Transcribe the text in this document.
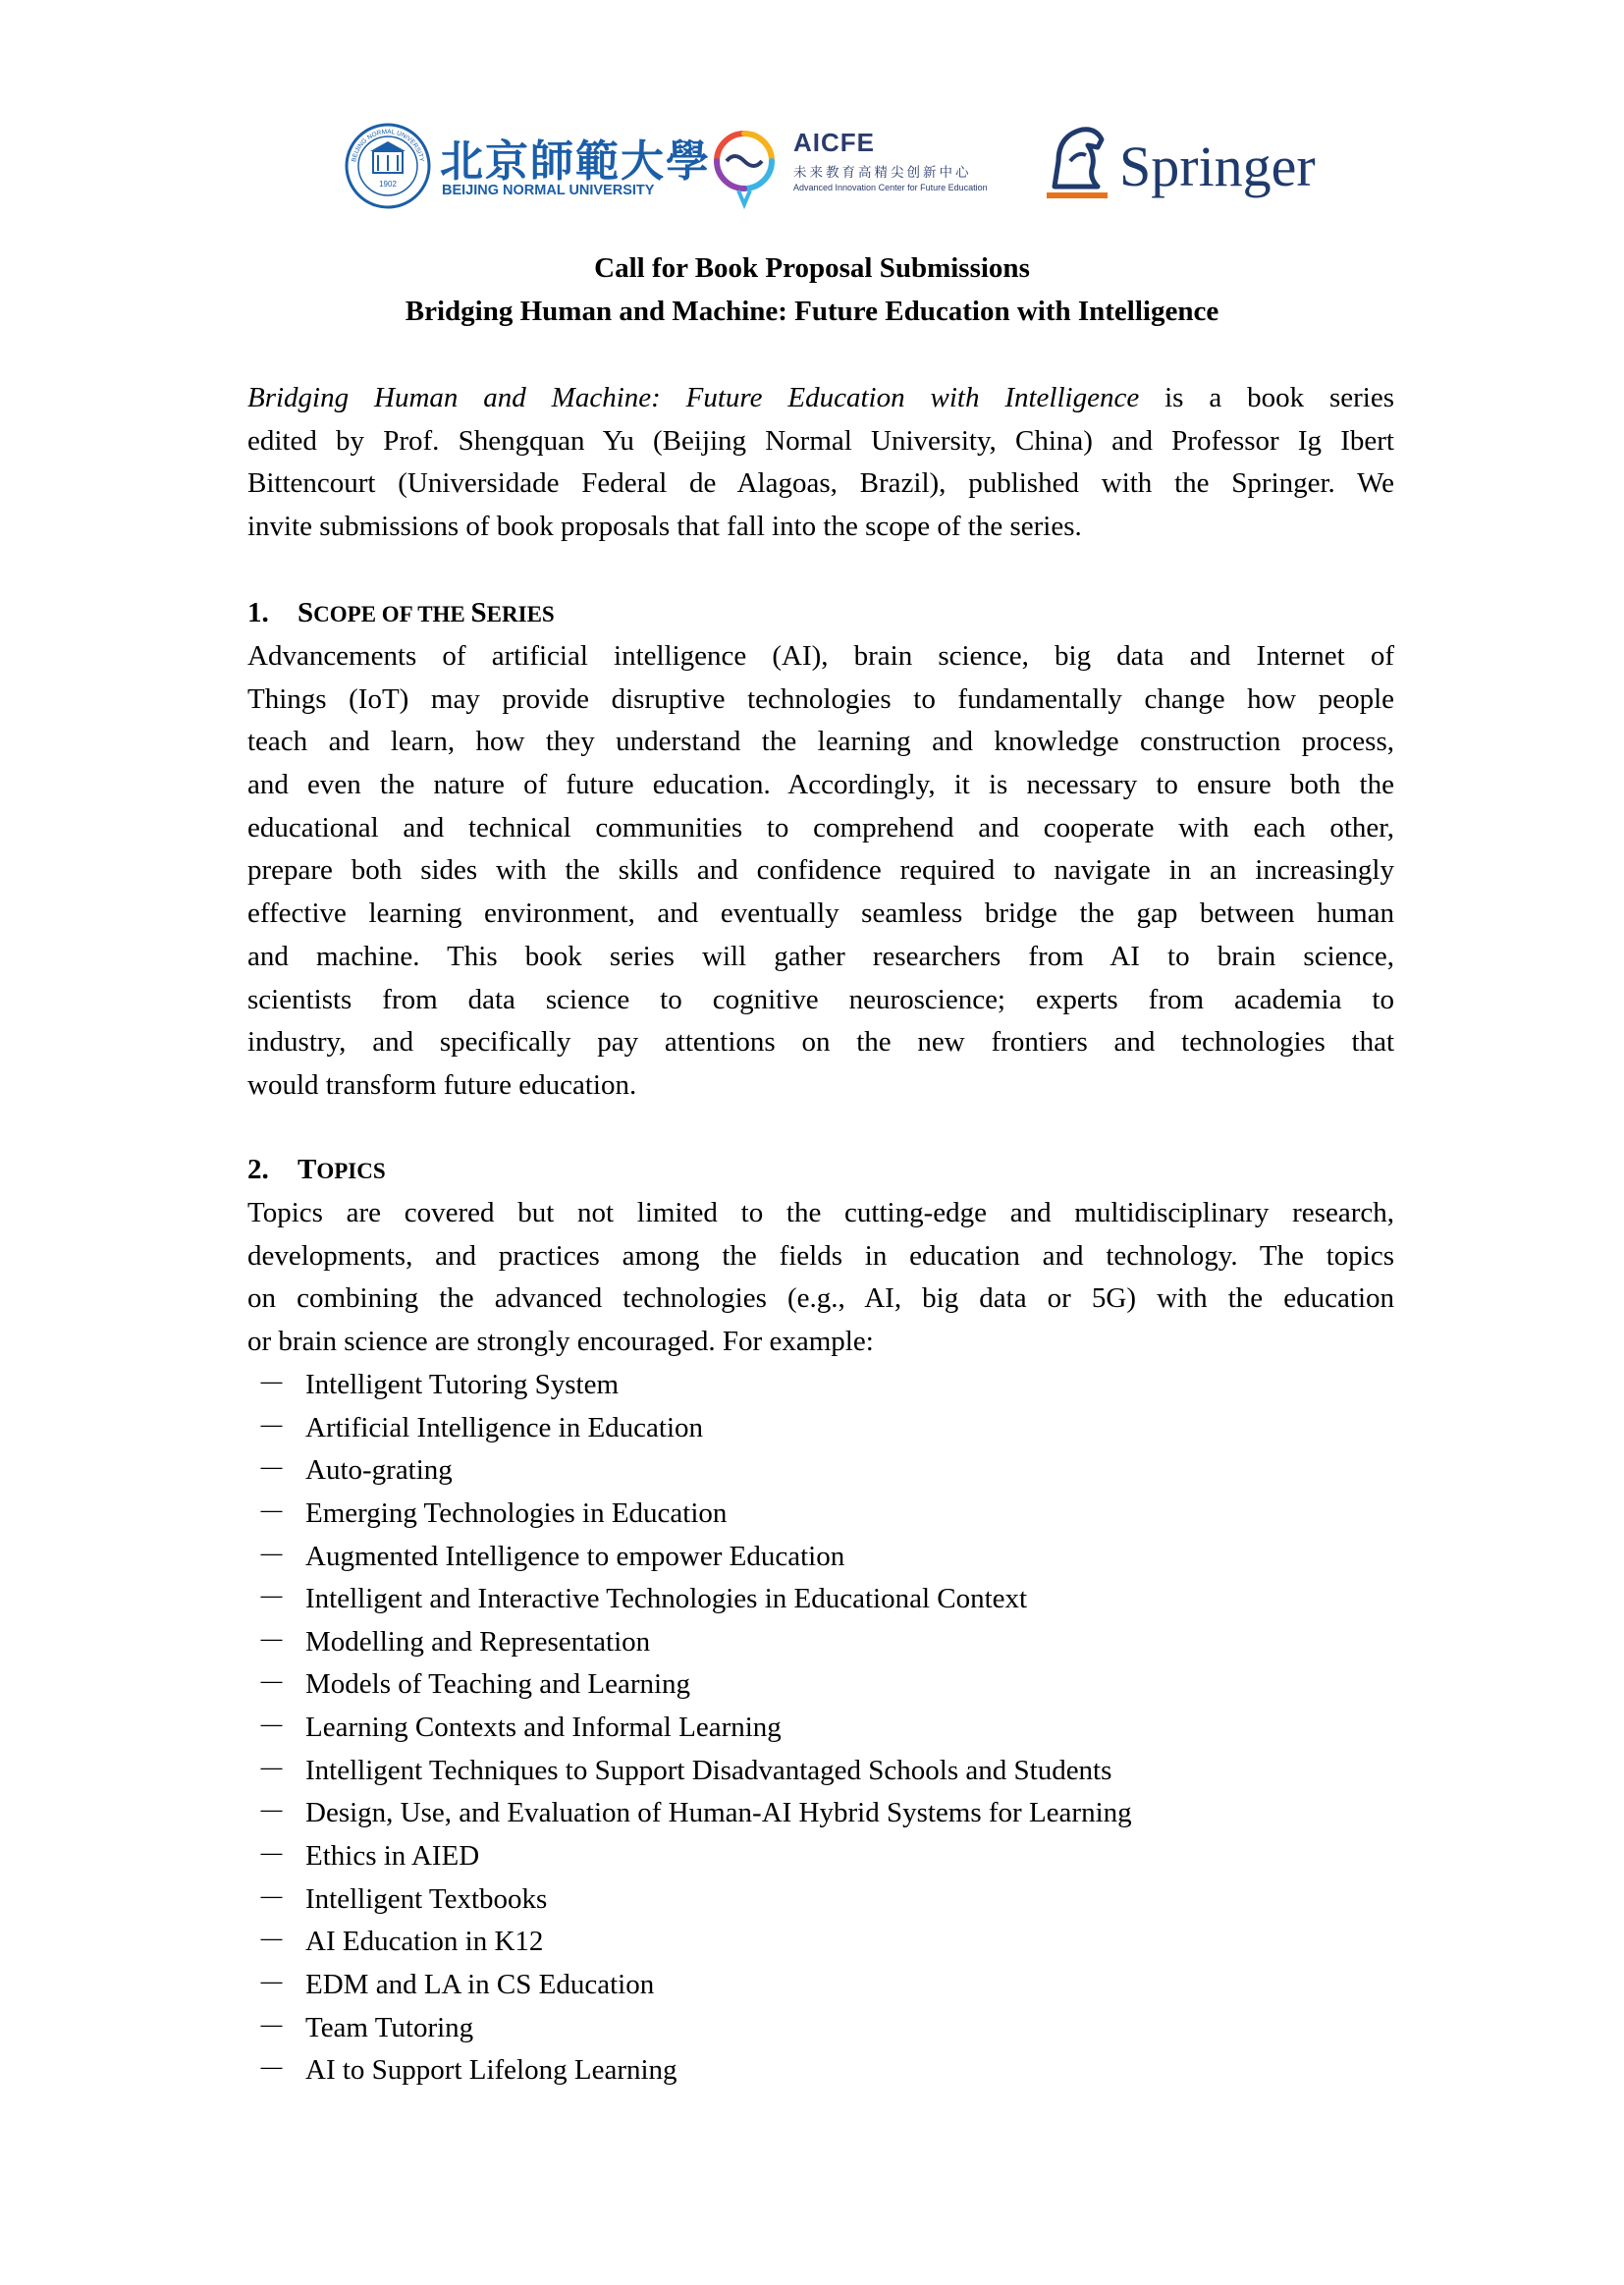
1902
BEIJING NORMAL UNIVERSITY 北京師範大學
BEIJING NORMAL UNIVERSITY
AICFE
未来教育高精尖创新中心
Advanced Innovation Center for Future Education Springer
Call for Book Proposal Submissions
Bridging Human and Machine: Future Education with Intelligence
Bridging Human and Machine: Future Education with Intelligence is a book series
edited by Prof. Shengquan Yu (Beijing Normal University, China) and Professor Ig Ibert
Bittencourt (Universidade Federal de Alagoas, Brazil), published with the Springer. We
invite submissions of book proposals that fall into the scope of the series.
1. SCOPE OF THE SERIES
Advancements of artificial intelligence (AI), brain science, big data and Internet of
Things (IoT) may provide disruptive technologies to fundamentally change how people
teach and learn, how they understand the learning and knowledge construction process,
and even the nature of future education. Accordingly, it is necessary to ensure both the
educational and technical communities to comprehend and cooperate with each other,
prepare both sides with the skills and confidence required to navigate in an increasingly
effective learning environment, and eventually seamless bridge the gap between human
and machine. This book series will gather researchers from AI to brain science,
scientists from data science to cognitive neuroscience; experts from academia to
industry, and specifically pay attentions on the new frontiers and technologies that
would transform future education.
2. TOPICS
Topics are covered but not limited to the cutting-edge and multidisciplinary research,
developments, and practices among the fields in education and technology. The topics
on combining the advanced technologies (e.g., AI, big data or 5G) with the education
or brain science are strongly encouraged. For example:
－ Intelligent Tutoring System
－ Artificial Intelligence in Education
－ Auto-grating
－ Emerging Technologies in Education
－ Augmented Intelligence to empower Education
－ Intelligent and Interactive Technologies in Educational Context
－ Modelling and Representation
－ Models of Teaching and Learning
－ Learning Contexts and Informal Learning
－ Intelligent Techniques to Support Disadvantaged Schools and Students
－ Design, Use, and Evaluation of Human-AI Hybrid Systems for Learning
－ Ethics in AIED
－ Intelligent Textbooks
－ AI Education in K12
－ EDM and LA in CS Education
－ Team Tutoring
－ AI to Support Lifelong Learning
